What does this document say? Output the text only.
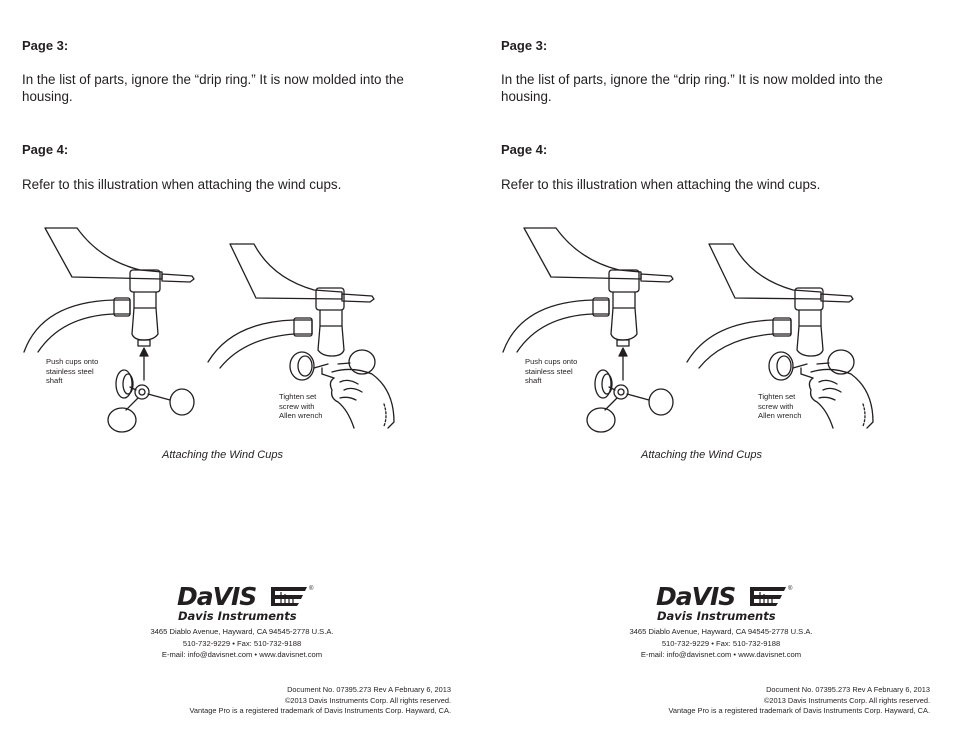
Page 3:

In the list of parts, ignore the “drip ring.” It is now molded into the housing.

Page 4:

Refer to this illustration when attaching the wind cups.

Push cups onto
stainless steel
shaft
Tighten set
screw with
Allen wrench
Attaching the Wind Cups
DaVIS	®
Davis Instruments

3465 Diablo Avenue, Hayward, CA 94545-2778 U.S.A.

510-732-9229 • Fax: 510-732-9188

E-mail: info@davisnet.com • www.davisnet.com

Document No. 07395.273 Rev A February 6, 2013

©2013 Davis Instruments Corp. All rights reserved.

Vantage Pro is a registered trademark of Davis Instruments Corp. Hayward, CA.

Page 3:

In the list of parts, ignore the “drip ring.” It is now molded into the housing.

Page 4:

Refer to this illustration when attaching the wind cups.

Push cups onto
stainless steel
shaft
Tighten set
screw with
Allen wrench
Attaching the Wind Cups
DaVIS	®
Davis Instruments

3465 Diablo Avenue, Hayward, CA 94545-2778 U.S.A.

510-732-9229 • Fax: 510-732-9188

E-mail: info@davisnet.com • www.davisnet.com

Document No. 07395.273 Rev A February 6, 2013

©2013 Davis Instruments Corp. All rights reserved.

Vantage Pro is a registered trademark of Davis Instruments Corp. Hayward, CA.
